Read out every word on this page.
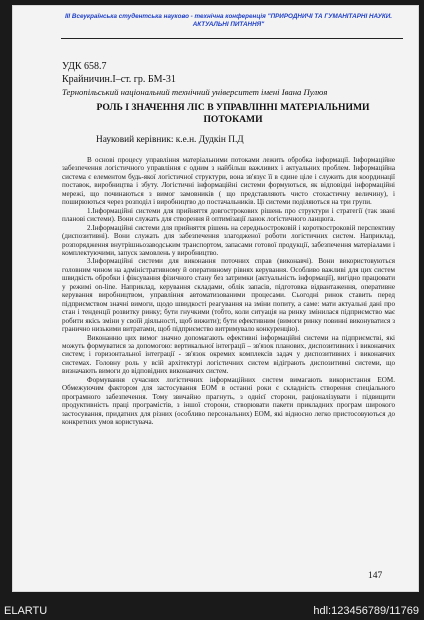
III Всеукраїнська студентська науково - технічна конференція "ПРИРОДНИЧІ ТА ГУМАНІТАРНІ НАУКИ.
АКТУАЛЬНІ ПИТАННЯ"
УДК 658.7
Крайничин.І–ст. гр. БМ-31
Тернопільський національний технічний університет імені Івана Пулюя
РОЛЬ І ЗНАЧЕННЯ ЛІС В УПРАВЛІННІ МАТЕРІАЛЬНИМИ
ПОТОКАМИ
Науковий керівник: к.е.н. Дудкін П.Д

В основі процесу управління матеріальними потоками лежить обробка інформації. Інформаційне забезпечення логістичного управління є одним з найбільш важливих і актуальних проблем. Інформаційна система є елементом будь-якої логістичної структури, вона зв'язує її в єдине ціле і служить для координації поставок, виробництва і збуту. Логістичні інформаційні системи формуються, як відповідні інформаційні мережі, що починаються з вимог замовників ( що представляють чисто стохастичну величину), і поширюються через розподіл і виробництво до постачальників. Ці системи поділяються на три групи.

1.Інформаційні системи для прийняття довгострокових рішень про структури і стратегії (так звані планові системи). Вони служать для створення й оптимізації ланок логістичного ланцюга.

2.Інформаційні системи для прийняття рішень на середньостроковій і короткостроковій перспективу (диспозитивні). Вони служать для забезпечення злагодженої роботи логістичних систем. Наприклад, розпорядження внутрішньозаводським транспортом, запасами готової продукції, забезпечення матеріалами і комплектуючими, запуск замовлень у виробництво.

3.Інформаційні системи для виконання поточних справ (виконавчі). Вони використовуються головним чином на адміністративному й оперативному рівнях керування. Особливо важливі для цих систем швидкість обробки і фіксування фізичного стану без затримки (актуальність інформації), вигідно працювати у режимі on-line. Наприклад, керування складами, облік запасів, підготовка відвантаження, оперативне керування виробництвом, управління автоматизованими процесами. Сьогодні ринок ставить перед підприємством значні вимоги, щодо швидкості реагування на зміни попиту, а саме: мати актуальні дані про стан і тенденції розвитку ринку; бути гнучкими (тобто, коли ситуація на ринку змінилася підприємство має робити якісь зміни у своїй діяльності, щоб вижити); бути ефективним (вимоги ринку повинні виконуватися з гранично низькими витратами, щоб підприємство витримувало конкуренцію).

Виконанню цих вимог значно допомагають ефективні інформаційні системи на підприємстві, які можуть формуватися за допомогою: вертикальної інтеграції – зв'язок планових, диспозитивних і виконавчих систем; і горизонтальної інтеграції - зв'язок окремих комплексів задач у диспозитивних і виконавчих системах. Головну роль у всій архітектурі логістичних систем відіграють диспозитивні системи, що визначають вимоги до відповідних виконавчих систем.

Формування сучасних логістичних інформаційних систем вимагають використання ЕОМ. Обмежуючим фактором для застосування ЕОМ в останні роки є складність створення спеціального програмного забезпечення. Тому звичайно прагнуть, з однієї сторони, раціоналізувати і підвищити продуктивність праці програмістів, з іншої сторони, створювати пакети прикладних програм широкого застосування, придатних для різних (особливо персональних) ЕОМ, які відносно легко пристосовуються до конкретних умов користувача.

147
ELARTU	hdl:123456789/11769
